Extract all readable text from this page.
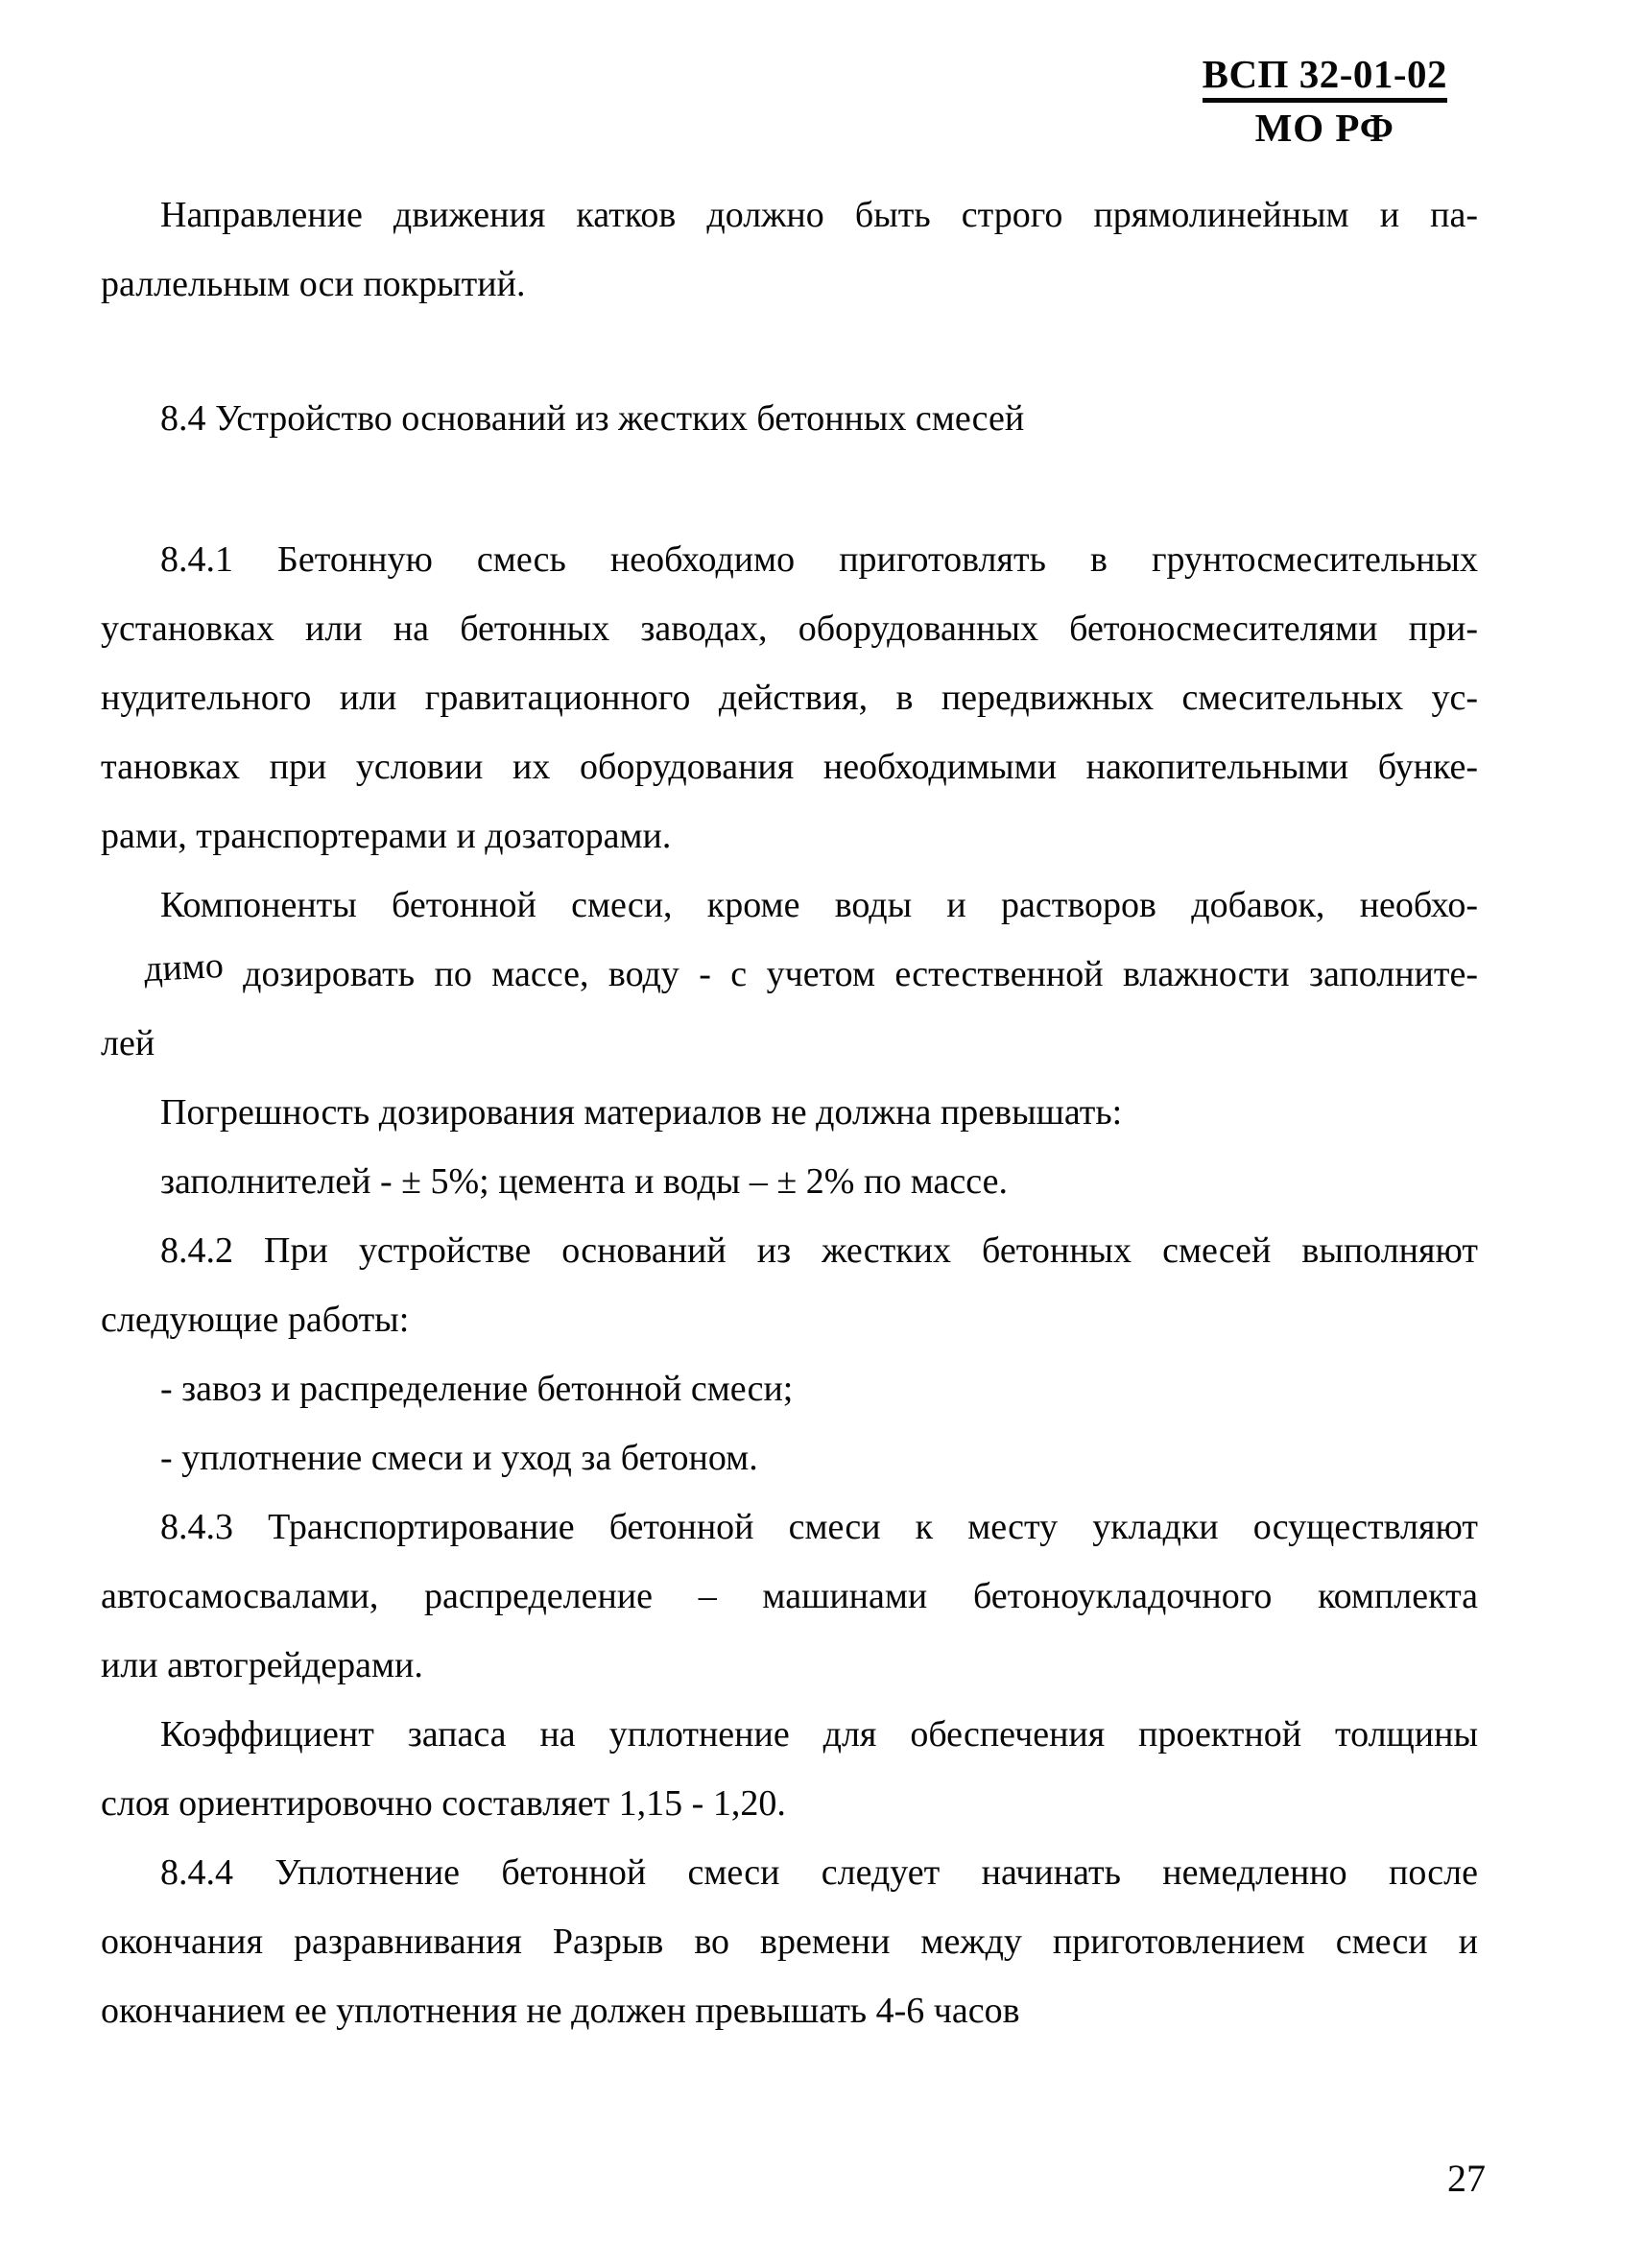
ВСП 32-01-02
МО РФ
Направление движения катков должно быть строго прямолинейным и па-
раллельным оси покрытий.
8.4 Устройство оснований из жестких бетонных смесей
8.4.1 Бетонную смесь необходимо приготовлять в грунтосмесительных
установках или на бетонных заводах, оборудованных бетоносмесителями при-
нудительного или гравитационного действия, в передвижных смесительных ус-
тановках при условии их оборудования необходимыми накопительными бунке-
рами, транспортерами и дозаторами.
Компоненты бетонной смеси, кроме воды и растворов добавок, необхо-
димо дозировать по массе, воду - с учетом естественной влажности заполните-
лей
Погрешность дозирования материалов не должна превышать:
заполнителей - ± 5%; цемента и воды – ± 2% по массе.
8.4.2 При устройстве оснований из жестких бетонных смесей выполняют
следующие работы:
- завоз и распределение бетонной смеси;
- уплотнение смеси и уход за бетоном.
8.4.3 Транспортирование бетонной смеси к месту укладки осуществляют
автосамосвалами, распределение – машинами бетоноукладочного комплекта
или автогрейдерами.
Коэффициент запаса на уплотнение для обеспечения проектной толщины
слоя ориентировочно составляет 1,15 - 1,20.
8.4.4 Уплотнение бетонной смеси следует начинать немедленно после
окончания разравнивания Разрыв во времени между приготовлением смеси и
окончанием ее уплотнения не должен превышать 4-6 часов
27
